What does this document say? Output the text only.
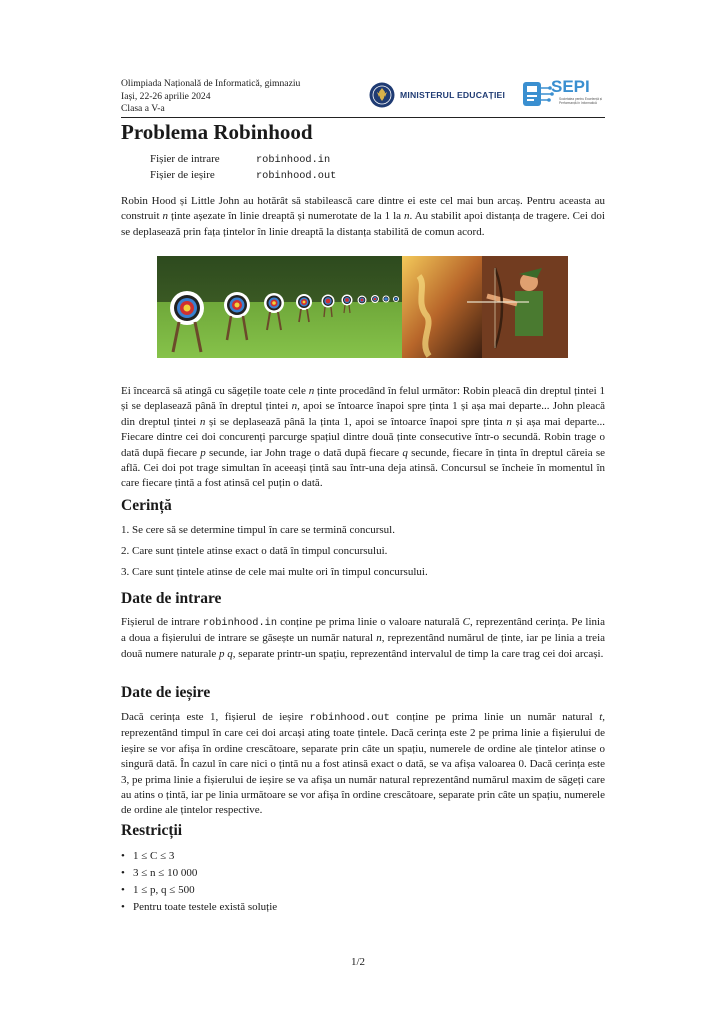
Olimpiada Națională de Informatică, gimnaziu
Iași, 22-26 aprilie 2024
Clasa a V-a
MINISTERUL EDUCAȚIEI	SEPI
Societatea pentru Excelență și Performanță în Informatică
Problema Robinhood
Fișier de intrare	robinhood.in
Fișier de ieșire	robinhood.out

Robin Hood și Little John au hotărât să stabilească care dintre ei este cel mai bun arcaș. Pentru aceasta au construit n ținte așezate în linie dreaptă și numerotate de la 1 la n. Au stabilit apoi distanța de tragere. Cei doi se deplasează prin fața țintelor în linie dreaptă la distanța stabilită de comun acord.

Ei încearcă să atingă cu săgețile toate cele n ținte procedând în felul următor: Robin pleacă din dreptul țintei 1 și se deplasează până în dreptul țintei n, apoi se întoarce înapoi spre ținta 1 și așa mai departe... John pleacă din dreptul țintei n și se deplasează până la ținta 1, apoi se întoarce înapoi spre ținta n și așa mai departe... Fiecare dintre cei doi concurenți parcurge spațiul dintre două ținte consecutive într-o secundă. Robin trage o dată după fiecare p secunde, iar John trage o dată după fiecare q secunde, fiecare în ținta în dreptul căreia se află. Cei doi pot trage simultan în aceeași țintă sau într-una deja atinsă. Concursul se încheie în momentul în care fiecare țintă a fost atinsă cel puțin o dată.

Cerință
1. Se cere să se determine timpul în care se termină concursul.
2. Care sunt țintele atinse exact o dată în timpul concursului.
3. Care sunt țintele atinse de cele mai multe ori în timpul concursului.
Date de intrare

Fișierul de intrare robinhood.in conține pe prima linie o valoare naturală C, reprezentând cerința. Pe linia a doua a fișierului de intrare se găsește un număr natural n, reprezentând numărul de ținte, iar pe linia a treia două numere naturale p q, separate printr-un spațiu, reprezentând intervalul de timp la care trag cei doi arcași.

Date de ieșire

Dacă cerința este 1, fișierul de ieșire robinhood.out conține pe prima linie un număr natural t, reprezentând timpul în care cei doi arcași ating toate țintele. Dacă cerința este 2 pe prima linie a fișierului de ieșire se vor afișa în ordine crescătoare, separate prin câte un spațiu, numerele de ordine ale țintelor atinse o singură dată. În cazul în care nici o țintă nu a fost atinsă exact o dată, se va afișa valoarea 0. Dacă cerința este 3, pe prima linie a fișierului de ieșire se va afișa un număr natural reprezentând numărul maxim de săgeți care au atins o țintă, iar pe linia următoare se vor afișa în ordine crescătoare, separate prin câte un spațiu, numerele de ordine ale țintelor respective.

Restricții
• 1 ≤ C ≤ 3
• 3 ≤ n ≤ 10 000
• 1 ≤ p, q ≤ 500
• Pentru toate testele există soluție
1/2
